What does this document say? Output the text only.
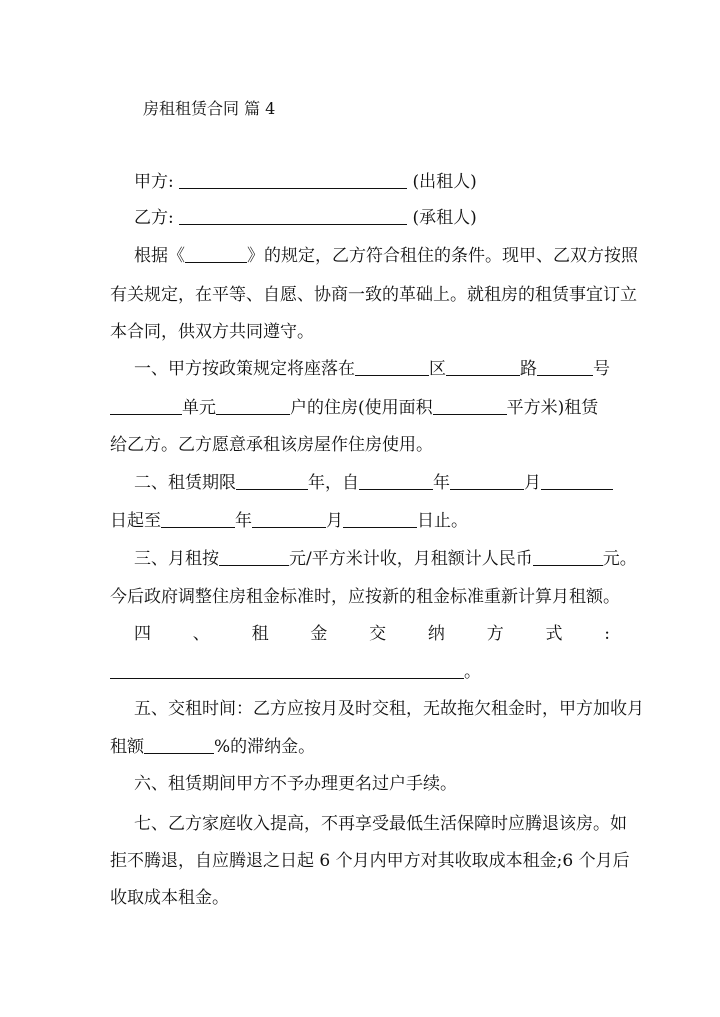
房租租赁合同 篇 4
甲方:	(出租人)
乙方:	(承租人)
根据《	》的规定，乙方符合租住的条件。现甲、乙双方按照
有关规定，在平等、自愿、协商一致的革础上。就租房的租赁事宜订立
本合同，供双方共同遵守。
一、甲方按政策规定将座落在	区	路	号
单元	户的住房(使用面积	平方米)租赁
给乙方。乙方愿意承租该房屋作住房使用。
二、租赁期限	年，自	年	月
日起至	年	月	日止。
三、月租按	元/平方米计收，月租额计人民币	元。
今后政府调整住房租金标准时，应按新的租金标准重新计算月租额。
四 、 租 金 交 纳 方 式 :
。
五、交租时间：乙方应按月及时交租，无故拖欠租金时，甲方加收月
租额	%的滞纳金。
六、租赁期间甲方不予办理更名过户手续。
七、乙方家庭收入提高，不再享受最低生活保障时应腾退该房。如
拒不腾退，自应腾退之日起 6 个月内甲方对其收取成本租金;6 个月后
收取成本租金。
